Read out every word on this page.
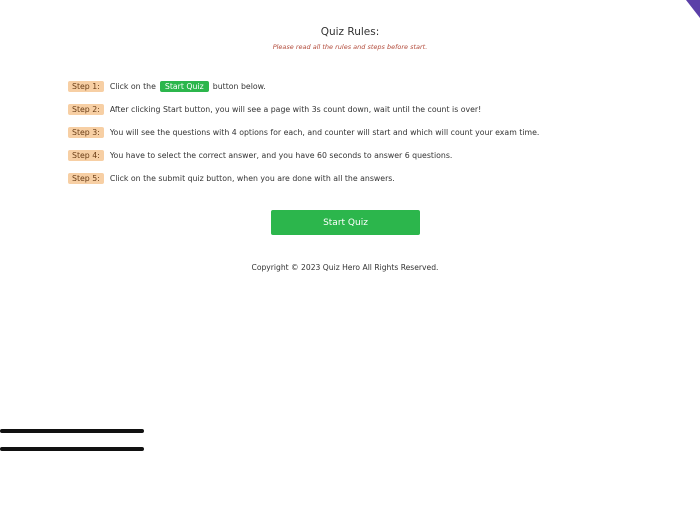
Quiz Rules:
Please read all the rules and steps before start.
Step 1:	Click on the	Start Quiz	button below.
Step 2:	After clicking Start button, you will see a page with 3s count down, wait until the count is over!
Step 3:	You will see the questions with 4 options for each, and counter will start and which will count your exam time.
Step 4:	You have to select the correct answer, and you have 60 seconds to answer 6 questions.
Step 5:	Click on the submit quiz button, when you are done with all the answers.
Start Quiz
Copyright © 2023 Quiz Hero All Rights Reserved.
